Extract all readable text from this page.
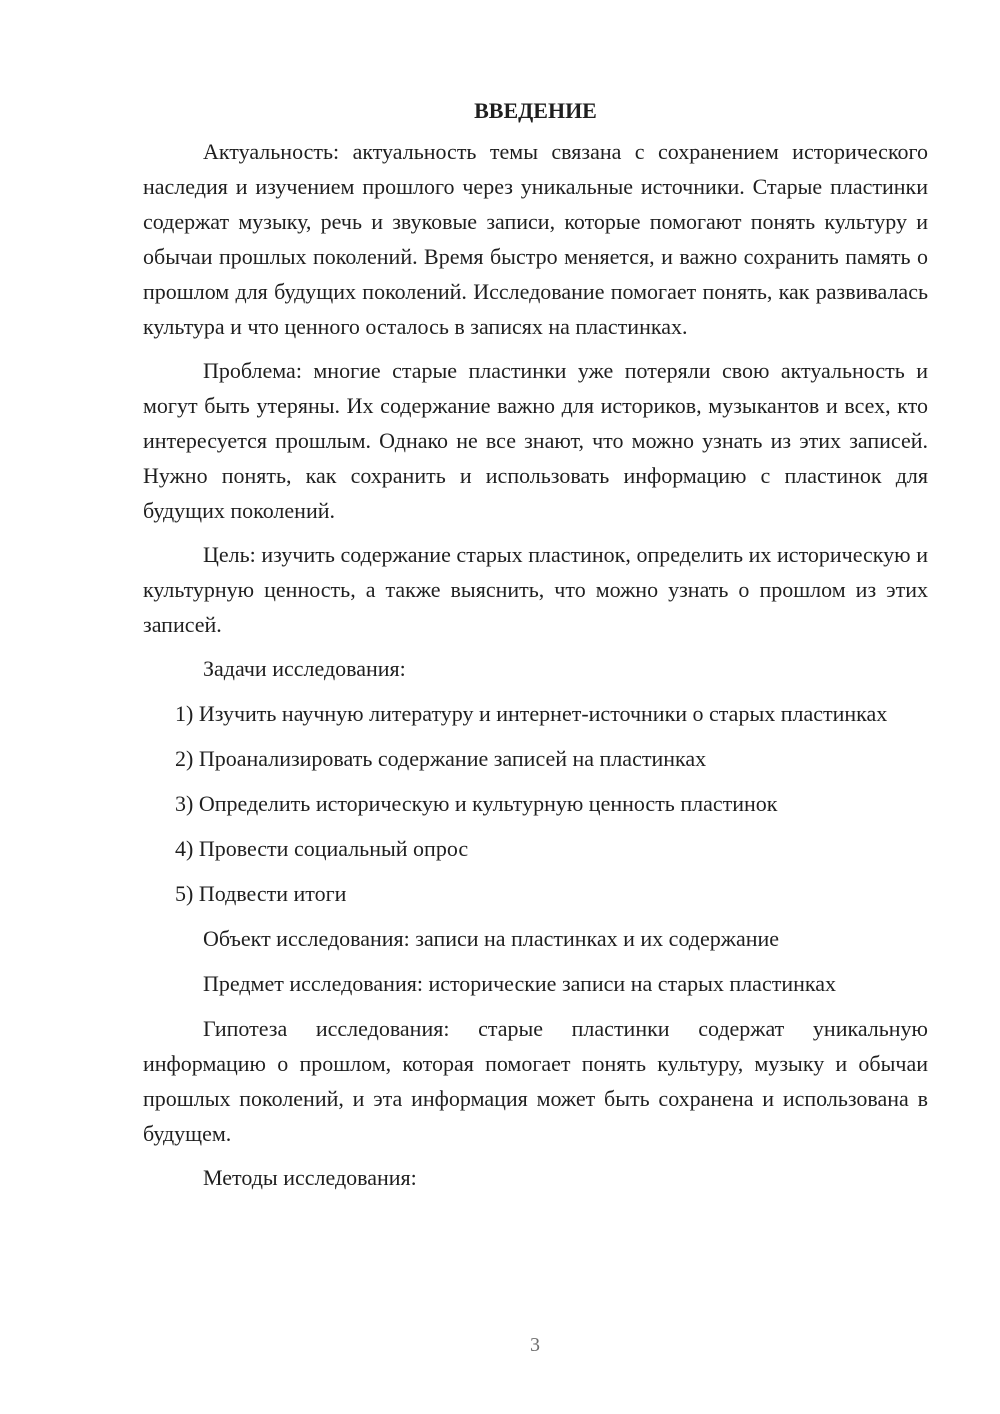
ВВЕДЕНИЕ

Актуальность: актуальность темы связана с сохранением исторического наследия и изучением прошлого через уникальные источники. Старые пластинки содержат музыку, речь и звуковые записи, которые помогают понять культуру и обычаи прошлых поколений. Время быстро меняется, и важно сохранить память о прошлом для будущих поколений. Исследование помогает понять, как развивалась культура и что ценного осталось в записях на пластинках.

Проблема: многие старые пластинки уже потеряли свою актуальность и могут быть утеряны. Их содержание важно для историков, музыкантов и всех, кто интересуется прошлым. Однако не все знают, что можно узнать из этих записей. Нужно понять, как сохранить и использовать информацию с пластинок для будущих поколений.

Цель: изучить содержание старых пластинок, определить их историческую и культурную ценность, а также выяснить, что можно узнать о прошлом из этих записей.

Задачи исследования:

1) Изучить научную литературу и интернет-источники о старых пластинках

2) Проанализировать содержание записей на пластинках

3) Определить историческую и культурную ценность пластинок

4) Провести социальный опрос

5) Подвести итоги

Объект исследования: записи на пластинках и их содержание

Предмет исследования: исторические записи на старых пластинках

Гипотеза исследования: старые пластинки содержат уникальную информацию о прошлом, которая помогает понять культуру, музыку и обычаи прошлых поколений, и эта информация может быть сохранена и использована в будущем.

Методы исследования:

3
